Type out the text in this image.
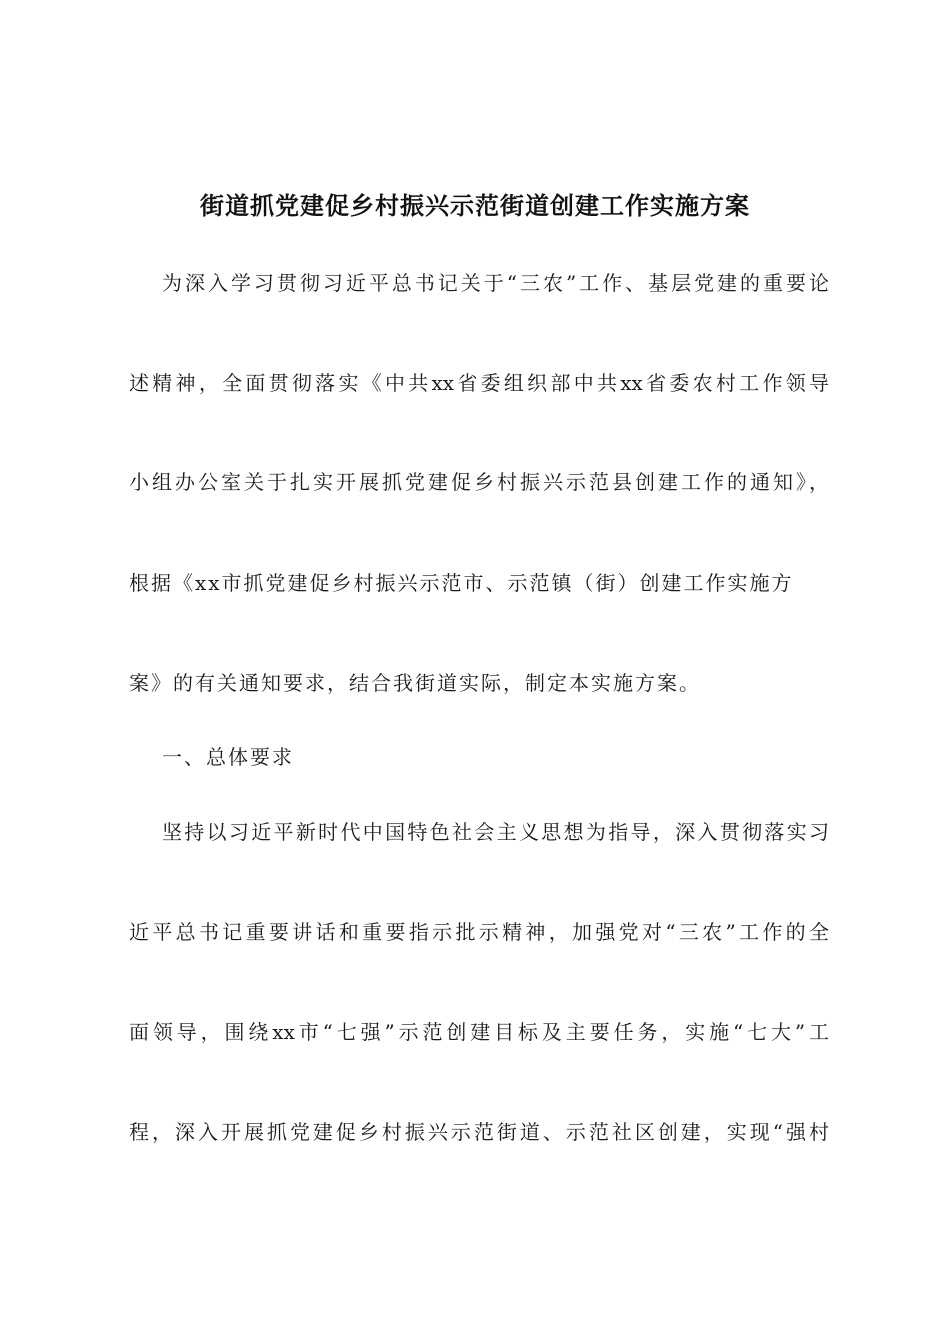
街道抓党建促乡村振兴示范街道创建工作实施方案
为深入学习贯彻习近平总书记关于“三农”工作、基层党建的重要论
述精神，全面贯彻落实《中共xx省委组织部中共xx省委农村工作领导
小组办公室关于扎实开展抓党建促乡村振兴示范县创建工作的通知》，
根据《xx市抓党建促乡村振兴示范市、示范镇（街）创建工作实施方
案》的有关通知要求，结合我街道实际，制定本实施方案。
一、总体要求
坚持以习近平新时代中国特色社会主义思想为指导，深入贯彻落实习
近平总书记重要讲话和重要指示批示精神，加强党对“三农”工作的全
面领导，围绕xx市“七强”示范创建目标及主要任务，实施“七大”工
程，深入开展抓党建促乡村振兴示范街道、示范社区创建，实现“强村
